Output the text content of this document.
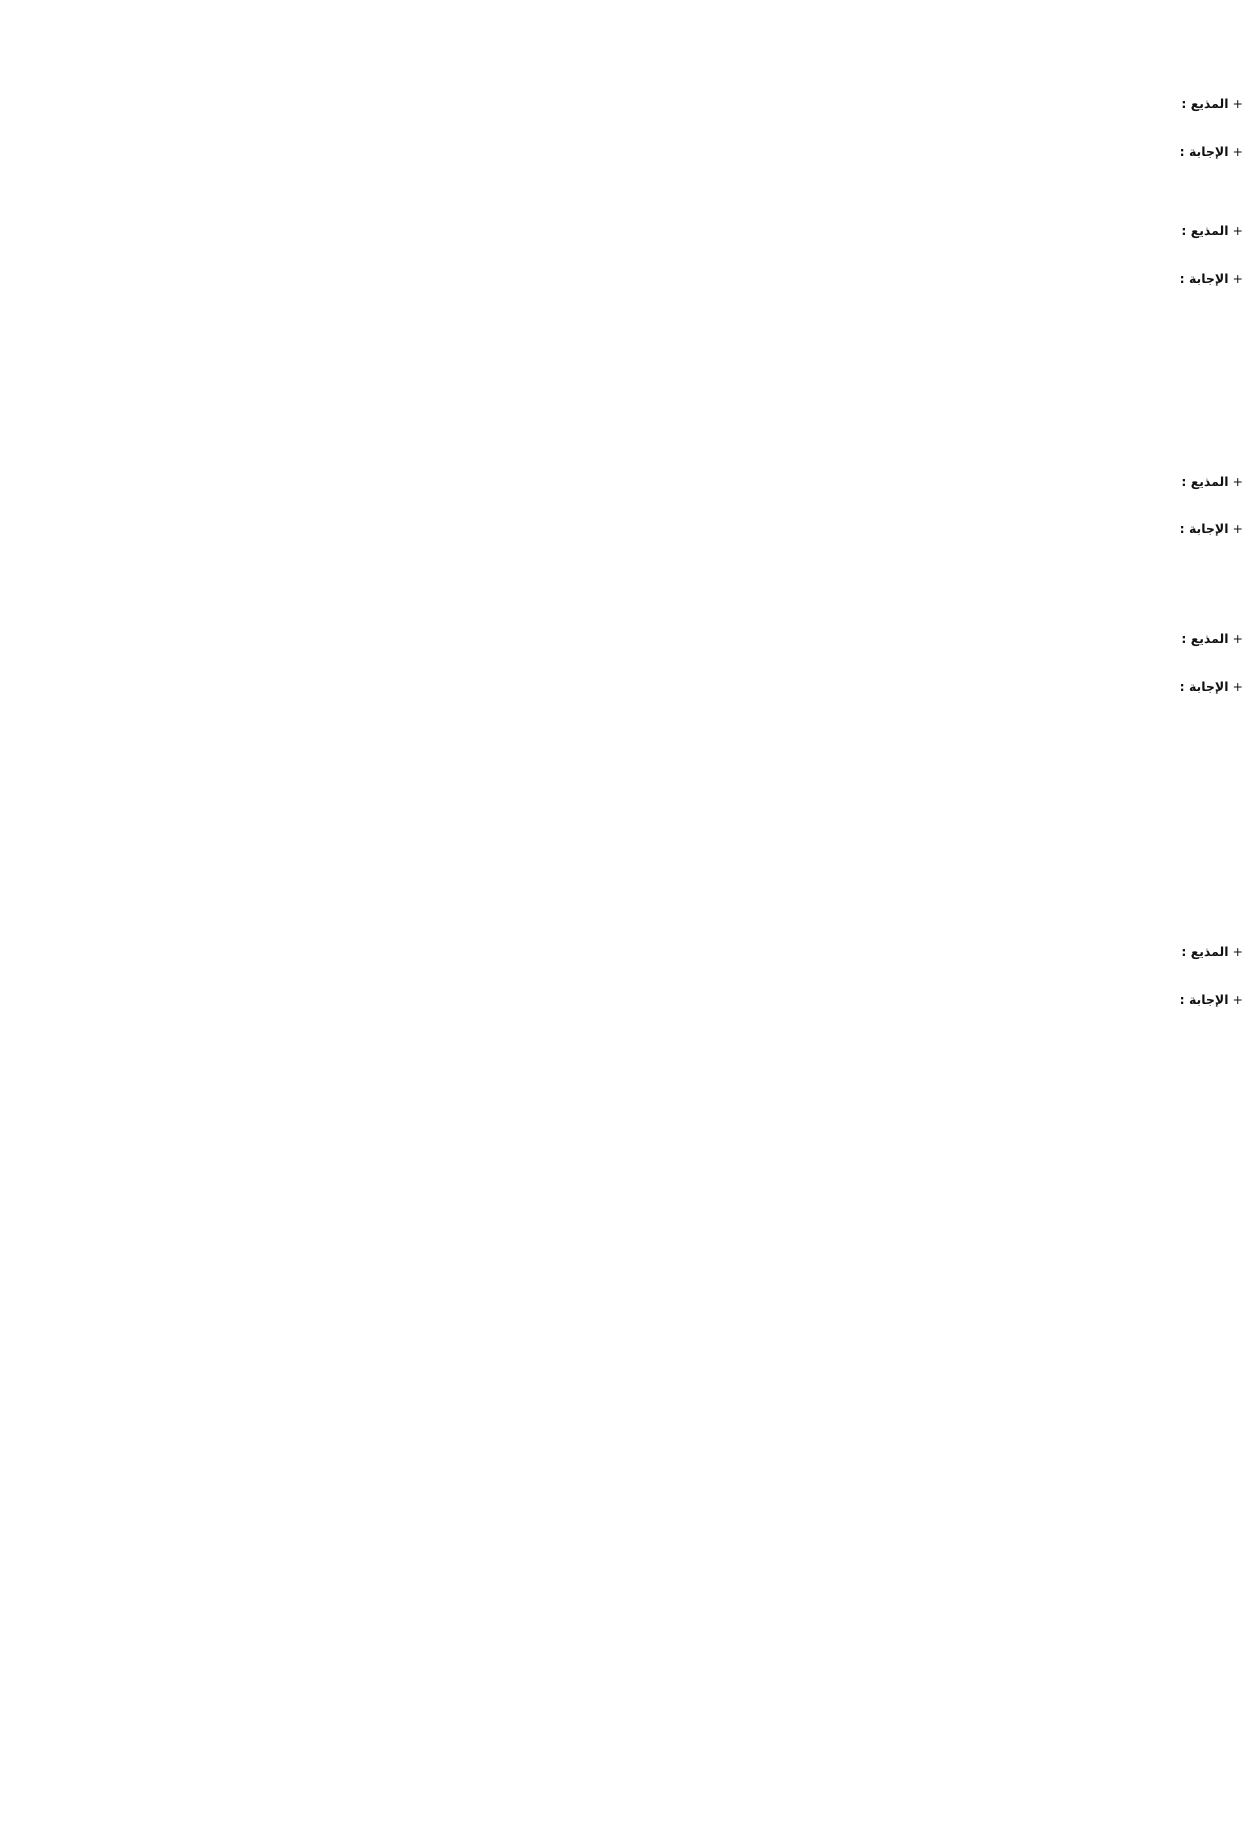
+المذيع :
+الإجابة :
+المذيع :
+الإجابة :
+المذيع :
+الإجابة :
+المذيع :
+الإجابة :
+المذيع :
+الإجابة :
